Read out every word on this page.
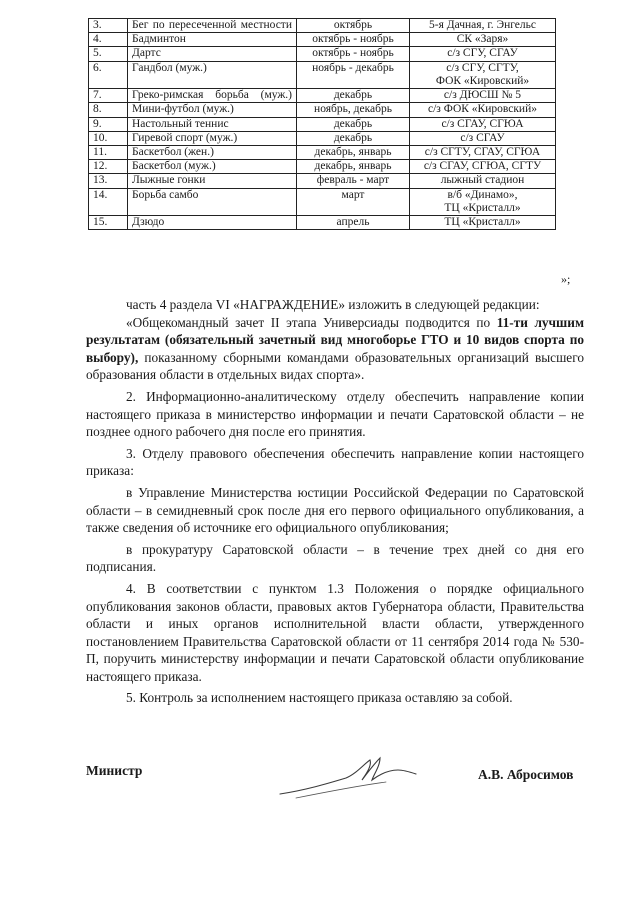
3.	Бег по пересеченной местности	октябрь	5-я Дачная, г. Энгельс
4.	Бадминтон	октябрь - ноябрь	СК «Заря»
5.	Дартс	октябрь - ноябрь	с/з СГУ, СГАУ
6.	Гандбол (муж.)	ноябрь - декабрь	с/з СГУ, СГТУ,
ФОК «Кировский»

7.	Греко-римская борьба (муж.)	декабрь	с/з ДЮСШ № 5
8.	Мини-футбол (муж.)	ноябрь, декабрь	с/з ФОК «Кировский»
9.	Настольный теннис	декабрь	с/з СГАУ, СГЮА
10.	Гиревой спорт (муж.)	декабрь	с/з СГАУ
11.	Баскетбол (жен.)	декабрь, январь	с/з СГТУ, СГАУ, СГЮА
12.	Баскетбол (муж.)	декабрь, январь	с/з СГАУ, СГЮА, СГТУ
13.	Лыжные гонки	февраль - март	лыжный стадион
14.	Борьба самбо	март	в/б «Динамо»,
ТЦ «Кристалл»

15.	Дзюдо	апрель	ТЦ «Кристалл»
»;

часть 4 раздела VI «НАГРАЖДЕНИЕ» изложить в следующей редакции:

«Общекомандный зачет II этапа Универсиады подводится по 11-ти лучшим результатам (обязательный зачетный вид многоборье ГТО и 10 видов спорта по выбору), показанному сборными командами образовательных организаций высшего образования области в отдельных видах спорта».

2. Информационно-аналитическому отделу обеспечить направление копии настоящего приказа в министерство информации и печати Саратовской области – не позднее одного рабочего дня после его принятия.

3. Отделу правового обеспечения обеспечить направление копии настоящего приказа:

в Управление Министерства юстиции Российской Федерации по Саратовской области – в семидневный срок после дня его первого официального опубликования, а также сведения об источнике его официального опубликования;

в прокуратуру Саратовской области – в течение трех дней со дня его подписания.

4. В соответствии с пунктом 1.3 Положения о порядке официального опубликования законов области, правовых актов Губернатора области, Правительства области и иных органов исполнительной власти области, утвержденного постановлением Правительства Саратовской области от 11 сентября 2014 года № 530-П, поручить министерству информации и печати Саратовской области опубликование настоящего приказа.

5. Контроль за исполнением настоящего приказа оставляю за собой.

Министр	А.В. Абросимов
